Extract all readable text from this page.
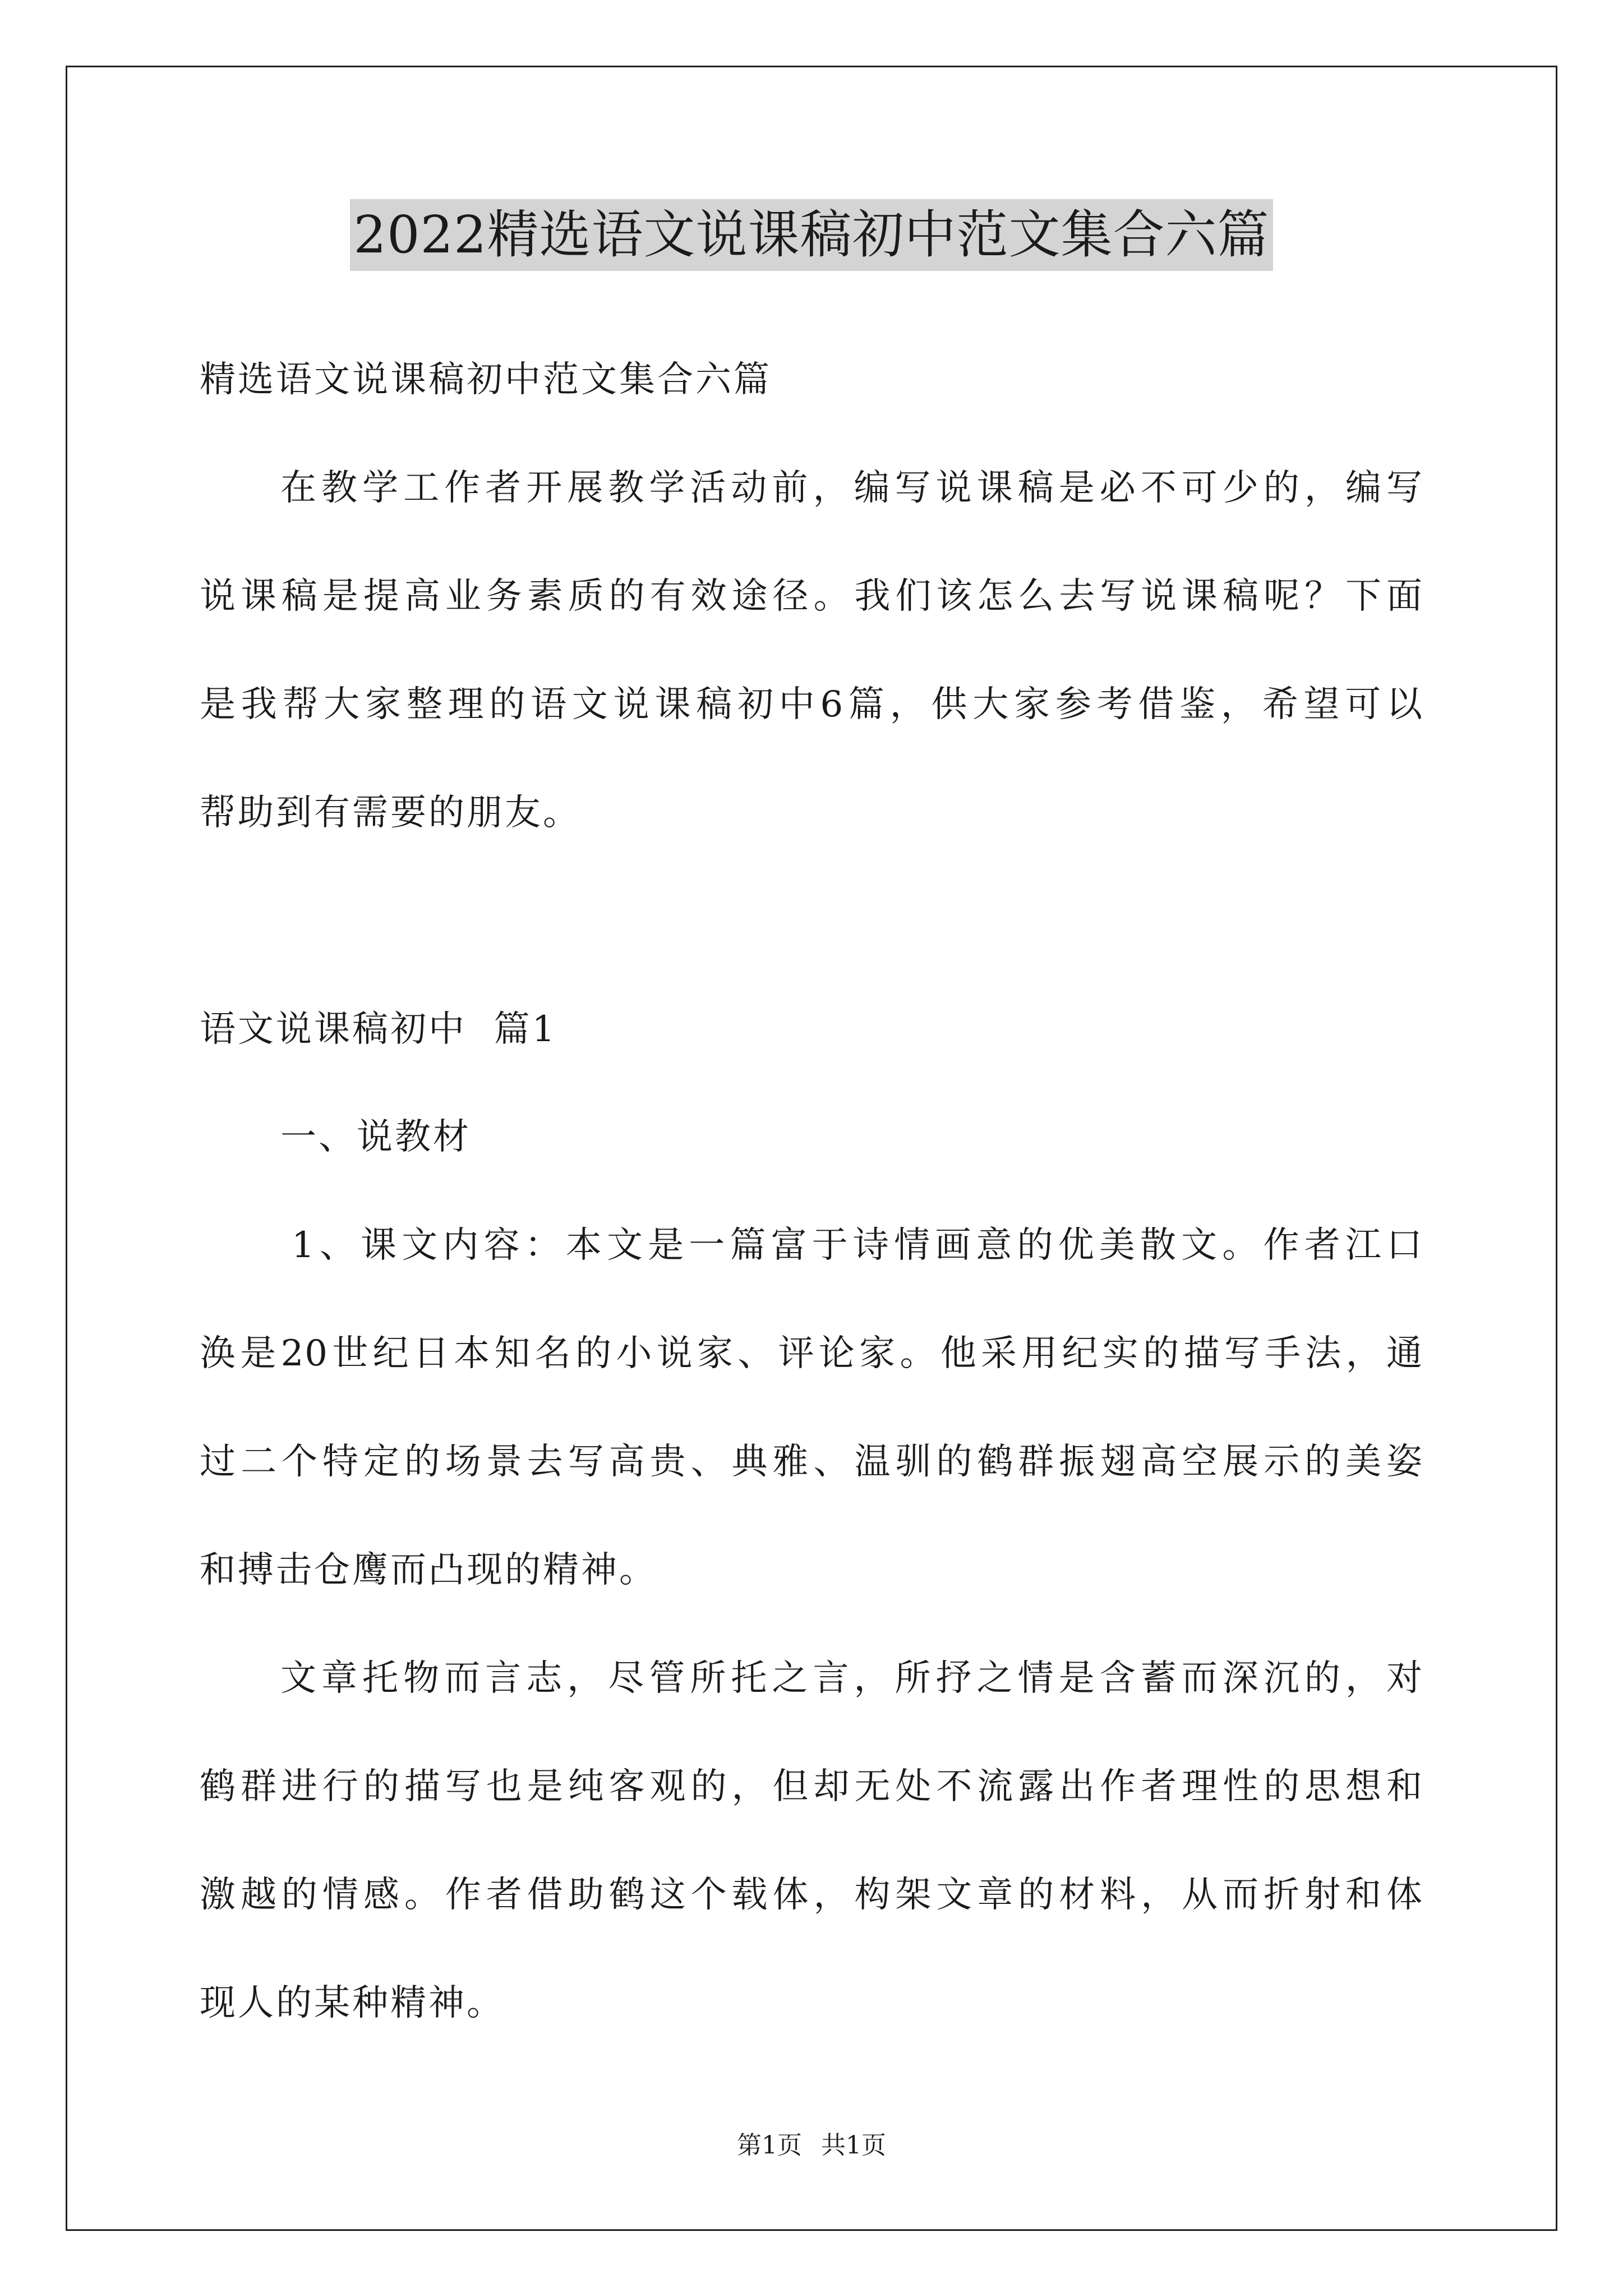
2022精选语文说课稿初中范文集合六篇
精选语文说课稿初中范文集合六篇
在教学工作者开展教学活动前，编写说课稿是必不可少的，编写
说课稿是提高业务素质的有效途径。我们该怎么去写说课稿呢？下面
是我帮大家整理的语文说课稿初中6篇，供大家参考借鉴，希望可以
帮助到有需要的朋友。
语文说课稿初中  篇1
一、说教材
1、课文内容：本文是一篇富于诗情画意的优美散文。作者江口
涣是20世纪日本知名的小说家、评论家。他采用纪实的描写手法，通
过二个特定的场景去写高贵、典雅、温驯的鹤群振翅高空展示的美姿
和搏击仓鹰而凸现的精神。
文章托物而言志，尽管所托之言，所抒之情是含蓄而深沉的，对
鹤群进行的描写也是纯客观的，但却无处不流露出作者理性的思想和
激越的情感。作者借助鹤这个载体，构架文章的材料，从而折射和体
现人的某种精神。
第1页 共1页
